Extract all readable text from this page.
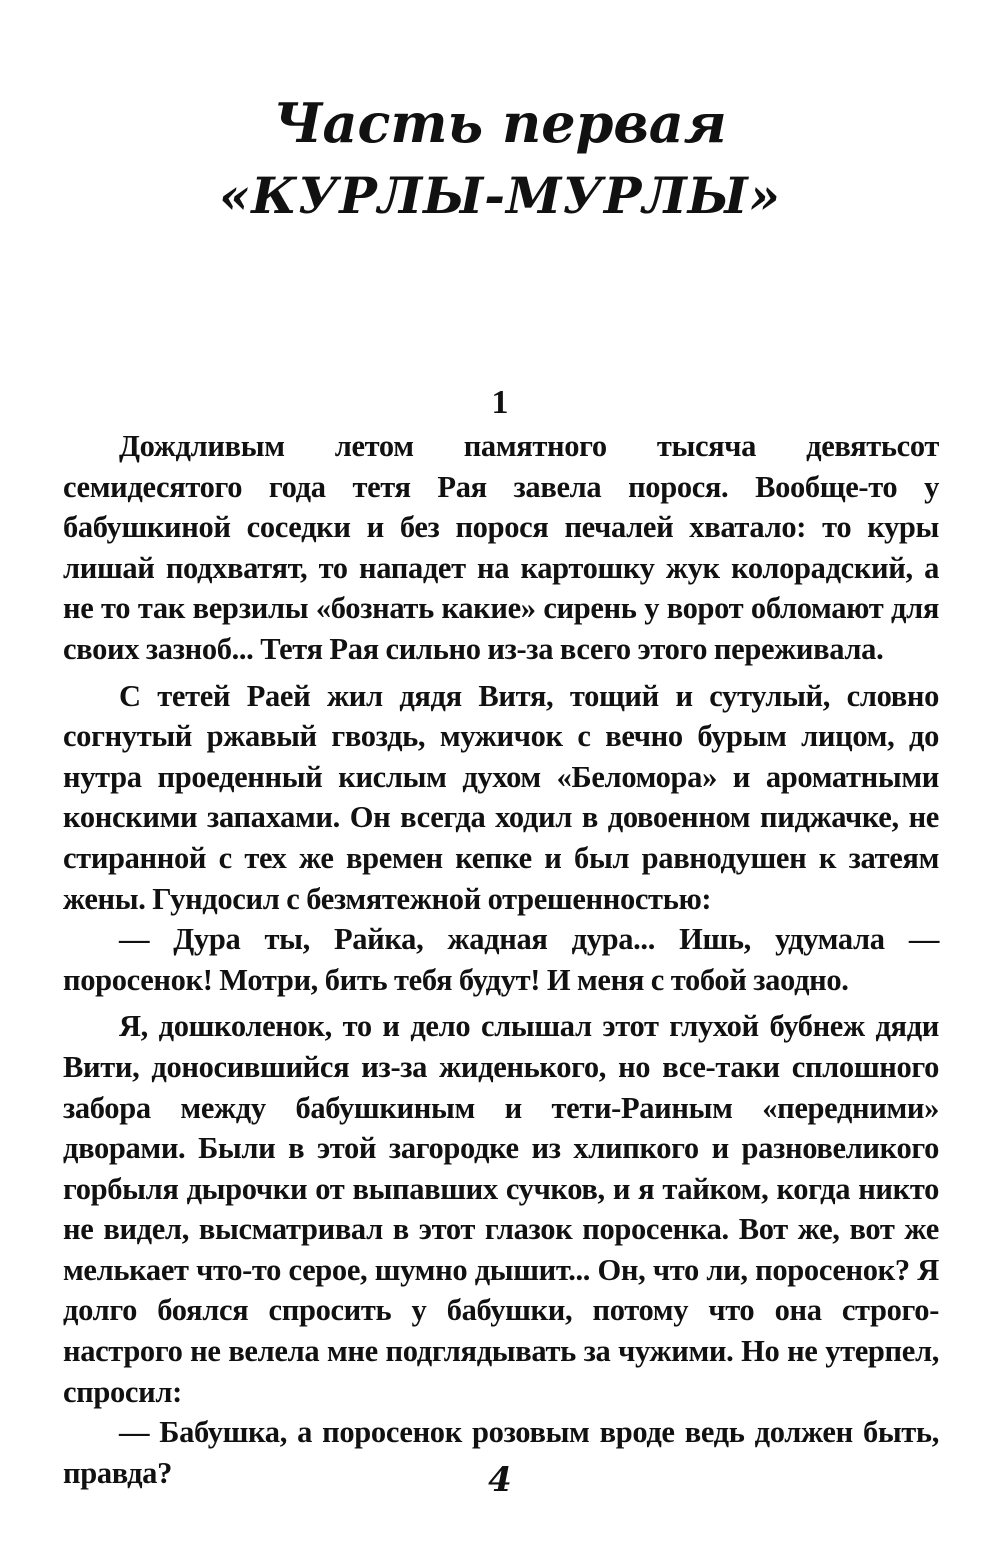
Часть первая
«КУРЛЫ-МУРЛЫ»
1

Дождливым летом памятного тысяча девятьсот семидесятого года тетя Рая завела порося. Вообще-то у бабушкиной соседки и без порося печалей хватало: то куры лишай подхватят, то нападет на картошку жук колорадский, а не то так верзилы «бознать какие» сирень у ворот обломают для своих зазноб... Тетя Рая сильно из-за всего этого переживала.

С тетей Раей жил дядя Витя, тощий и сутулый, словно согнутый ржавый гвоздь, мужичок с вечно бурым лицом, до нутра проеденный кислым духом «Беломора» и ароматными конскими запахами. Он всегда ходил в довоенном пиджачке, не стиранной с тех же времен кепке и был равнодушен к затеям жены. Гундосил с безмятежной отрешенностью:

— Дура ты, Райка, жадная дура... Ишь, удумала — поросенок! Мотри, бить тебя будут! И меня с тобой заодно.

Я, дошколенок, то и дело слышал этот глухой бубнеж дяди Вити, доносившийся из-за жиденького, но все-таки сплошного забора между бабушкиным и тети-Раиным «передними» дворами. Были в этой загородке из хлипкого и разновеликого горбыля дырочки от выпавших сучков, и я тайком, когда никто не видел, высматривал в этот глазок поросенка. Вот же, вот же мелькает что-то серое, шумно дышит... Он, что ли, поросенок? Я долго боялся спросить у бабушки, потому что она строго-настрого не велела мне подглядывать за чужими. Но не утерпел, спросил:

— Бабушка, а поросенок розовым вроде ведь должен быть, правда?	4
